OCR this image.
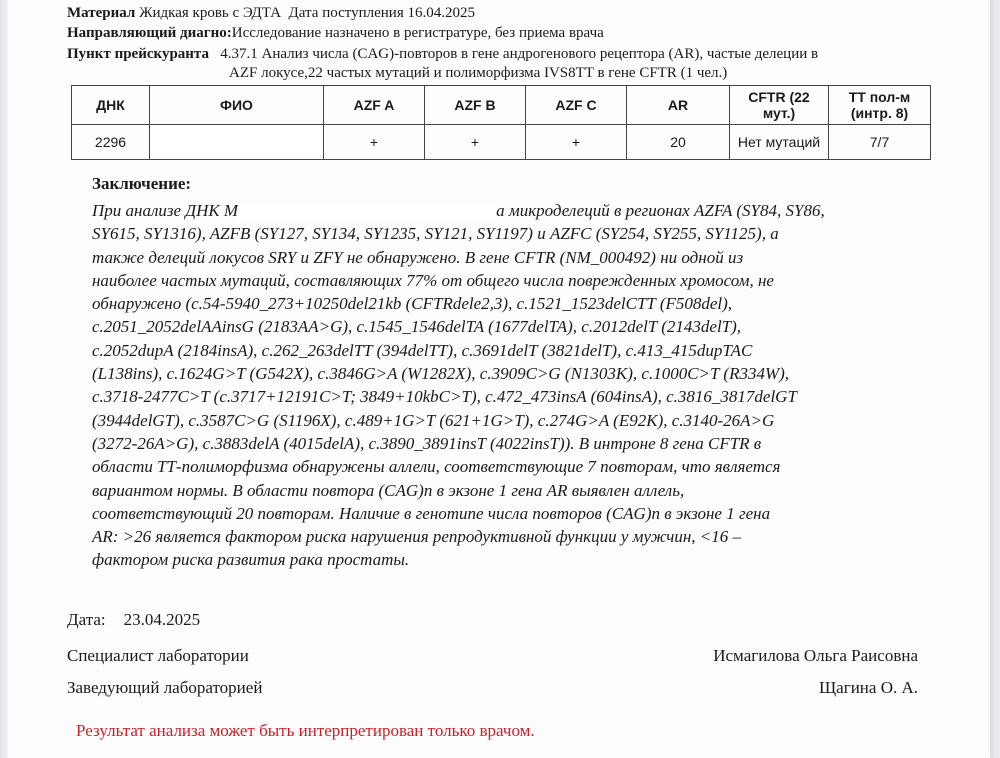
Материал Жидкая кровь с ЭДТА Дата поступления 16.04.2025
Направляющий диагно:Исследование назначено в регистратуре, без приема врача
Пункт прейскуранта 4.37.1 Анализ числа (CAG)-повторов в гене андрогенового рецептора (AR), частые делеции в
AZF локусе,22 частых мутаций и полиморфизма IVS8TT в гене CFTR (1 чел.)
ДНК	ФИО	AZF A	AZF B	AZF C	AR	CFTR (22
мут.)	ТТ пол-м
(интр. 8)
2296		+	+	+	20	Нет мутаций	7/7
Заключение:
При анализе ДНК М	а микроделеций в регионах AZFA (SY84, SY86,
SY615, SY1316), AZFB (SY127, SY134, SY1235, SY121, SY1197) и AZFC (SY254, SY255, SY1125), а
также делеций локусов SRY и ZFY не обнаружено. В гене CFTR (NM_000492) ни одной из
наиболее частых мутаций, составляющих 77% от общего числа поврежденных хромосом, не
обнаружено (c.54-5940_273+10250del21kb (CFTRdele2,3), c.1521_1523delCTT (F508del),
c.2051_2052delAAinsG (2183AA>G), c.1545_1546delTA (1677delTA), c.2012delT (2143delT),
c.2052dupA (2184insA), c.262_263delTT (394delTT), c.3691delT (3821delT), c.413_415dupTAC
(L138ins), c.1624G>T (G542X), c.3846G>A (W1282X), c.3909C>G (N1303K), c.1000C>T (R334W),
c.3718-2477C>T (c.3717+12191C>T; 3849+10kbC>T), c.472_473insA (604insA), c.3816_3817delGT
(3944delGT), c.3587C>G (S1196X), c.489+1G>T (621+1G>T), c.274G>A (E92K), c.3140-26A>G
(3272-26A>G), c.3883delA (4015delA), c.3890_3891insT (4022insT)). В интроне 8 гена CFTR в
области ТТ-полиморфизма обнаружены аллели, соответствующие 7 повторам, что является
вариантом нормы. В области повтора (CAG)n в экзоне 1 гена AR выявлен аллель,
соответствующий 20 повторам. Наличие в генотипе числа повторов (CAG)n в экзоне 1 гена
AR: >26 является фактором риска нарушения репродуктивной функции у мужчин, <16 –
фактором риска развития рака простаты.
Дата: 23.04.2025
Специалист лаборатории	Исмагилова Ольга Раисовна
Заведующий лабораторией	Щагина О. А.
Результат анализа может быть интерпретирован только врачом.
